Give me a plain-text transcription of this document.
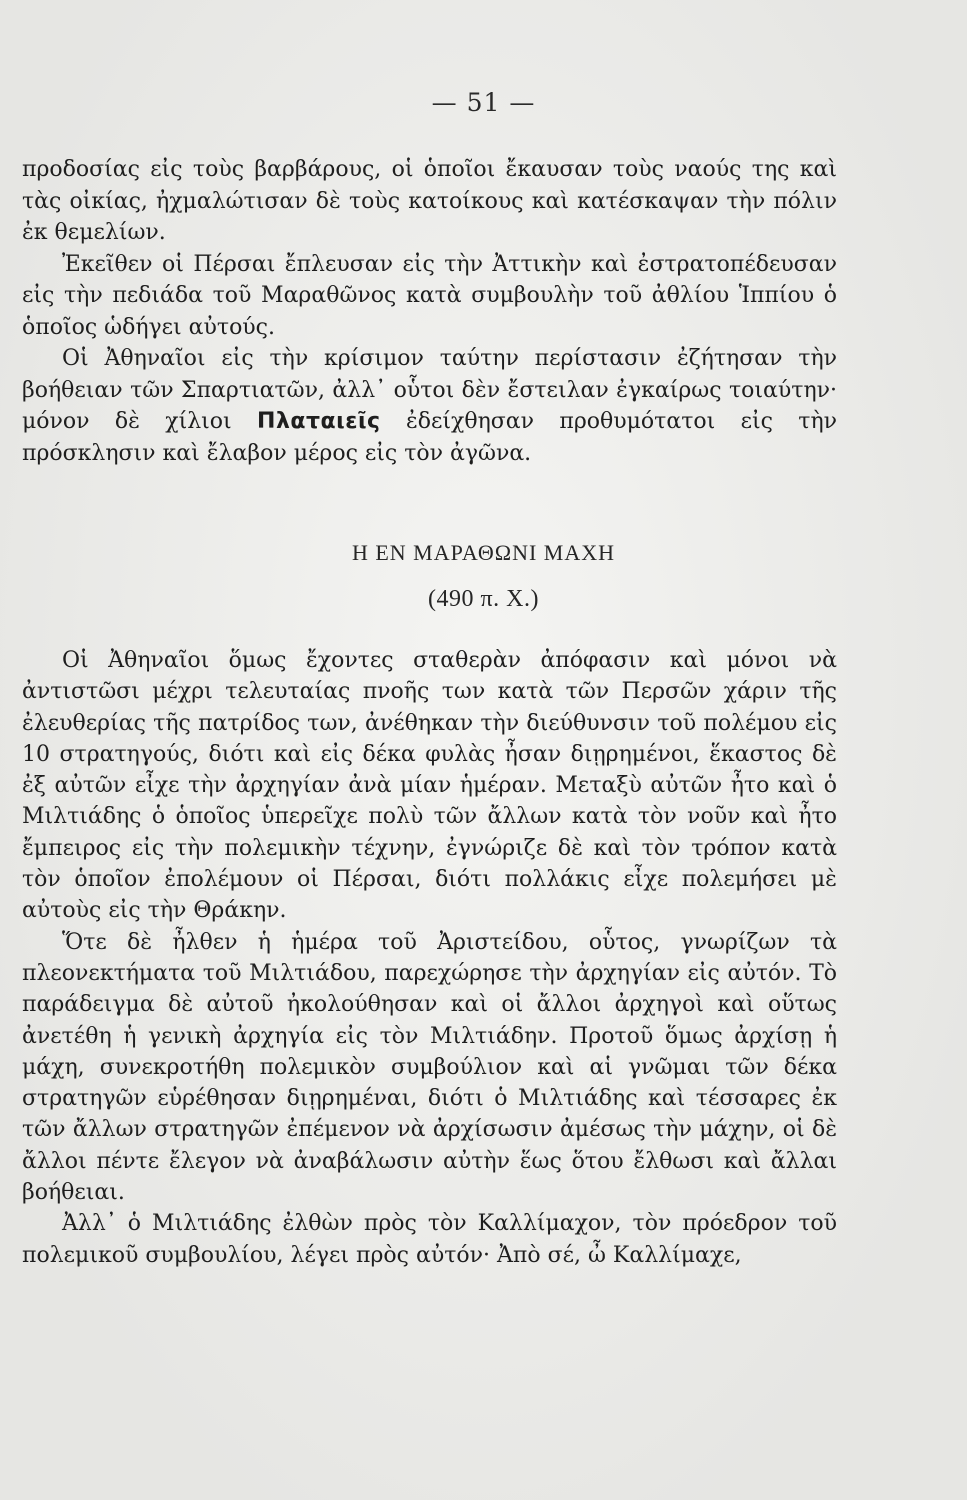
— 51 —

προδοσίας εἰς τοὺς βαρβάρους, οἱ ὁποῖοι ἔκαυσαν τοὺς ναούς της καὶ τὰς οἰκίας, ἠχμαλώτισαν δὲ τοὺς κατοίκους καὶ κατέσκαψαν τὴν πόλιν ἐκ θεμελίων.

Ἐκεῖθεν οἱ Πέρσαι ἔπλευσαν εἰς τὴν Ἀττικὴν καὶ ἐστρατοπέδευσαν εἰς τὴν πεδιάδα τοῦ Μαραθῶνος κατὰ συμβουλὴν τοῦ ἀθλίου Ἱππίου ὁ ὁποῖος ὡδήγει αὐτούς.

Οἱ Ἀθηναῖοι εἰς τὴν κρίσιμον ταύτην περίστασιν ἐζήτησαν τὴν βοήθειαν τῶν Σπαρτιατῶν, ἀλλ᾽ οὗτοι δὲν ἔστειλαν ἐγκαίρως τοιαύτην· μόνον δὲ χίλιοι Πλαταιεῖς ἐδείχθησαν προθυμότατοι εἰς τὴν πρόσκλησιν καὶ ἔλαβον μέρος εἰς τὸν ἀγῶνα.

Η ΕΝ ΜΑΡΑΘΩΝΙ ΜΑΧΗ
(490 π. Χ.)

Οἱ Ἀθηναῖοι ὅμως ἔχοντες σταθερὰν ἀπόφασιν καὶ μόνοι νὰ ἀντιστῶσι μέχρι τελευταίας πνοῆς των κατὰ τῶν Περσῶν χάριν τῆς ἐλευθερίας τῆς πατρίδος των, ἀνέθηκαν τὴν διεύθυνσιν τοῦ πολέμου εἰς 10 στρατηγούς, διότι καὶ εἰς δέκα φυλὰς ἦσαν διῃρημένοι, ἕκαστος δὲ ἐξ αὐτῶν εἶχε τὴν ἀρχηγίαν ἀνὰ μίαν ἡμέραν. Μεταξὺ αὐτῶν ἦτο καὶ ὁ Μιλτιάδης ὁ ὁποῖος ὑπερεῖχε πολὺ τῶν ἄλλων κατὰ τὸν νοῦν καὶ ἦτο ἔμπειρος εἰς τὴν πολεμικὴν τέχνην, ἐγνώριζε δὲ καὶ τὸν τρόπον κατὰ τὸν ὁποῖον ἐπολέμουν οἱ Πέρσαι, διότι πολλάκις εἶχε πολεμήσει μὲ αὐτοὺς εἰς τὴν Θράκην.

Ὅτε δὲ ἦλθεν ἡ ἡμέρα τοῦ Ἀριστείδου, οὗτος, γνωρίζων τὰ πλεονεκτήματα τοῦ Μιλτιάδου, παρεχώρησε τὴν ἀρχηγίαν εἰς αὐτόν. Τὸ παράδειγμα δὲ αὐτοῦ ἠκολούθησαν καὶ οἱ ἄλλοι ἀρχηγοὶ καὶ οὕτως ἀνετέθη ἡ γενικὴ ἀρχηγία εἰς τὸν Μιλτιάδην. Προτοῦ ὅμως ἀρχίσῃ ἡ μάχη, συνεκροτήθη πολεμικὸν συμβούλιον καὶ αἱ γνῶμαι τῶν δέκα στρατηγῶν εὑρέθησαν διῃρημέναι, διότι ὁ Μιλτιάδης καὶ τέσσαρες ἐκ τῶν ἄλλων στρατηγῶν ἐπέμενον νὰ ἀρχίσωσιν ἀμέσως τὴν μάχην, οἱ δὲ ἄλλοι πέντε ἔλεγον νὰ ἀναβάλωσιν αὐτὴν ἕως ὅτου ἔλθωσι καὶ ἄλλαι βοήθειαι.

Ἀλλ᾽ ὁ Μιλτιάδης ἐλθὼν πρὸς τὸν Καλλίμαχον, τὸν πρόεδρον τοῦ πολεμικοῦ συμβουλίου, λέγει πρὸς αὐτόν· Ἀπὸ σέ, ὦ Καλλίμαχε,
